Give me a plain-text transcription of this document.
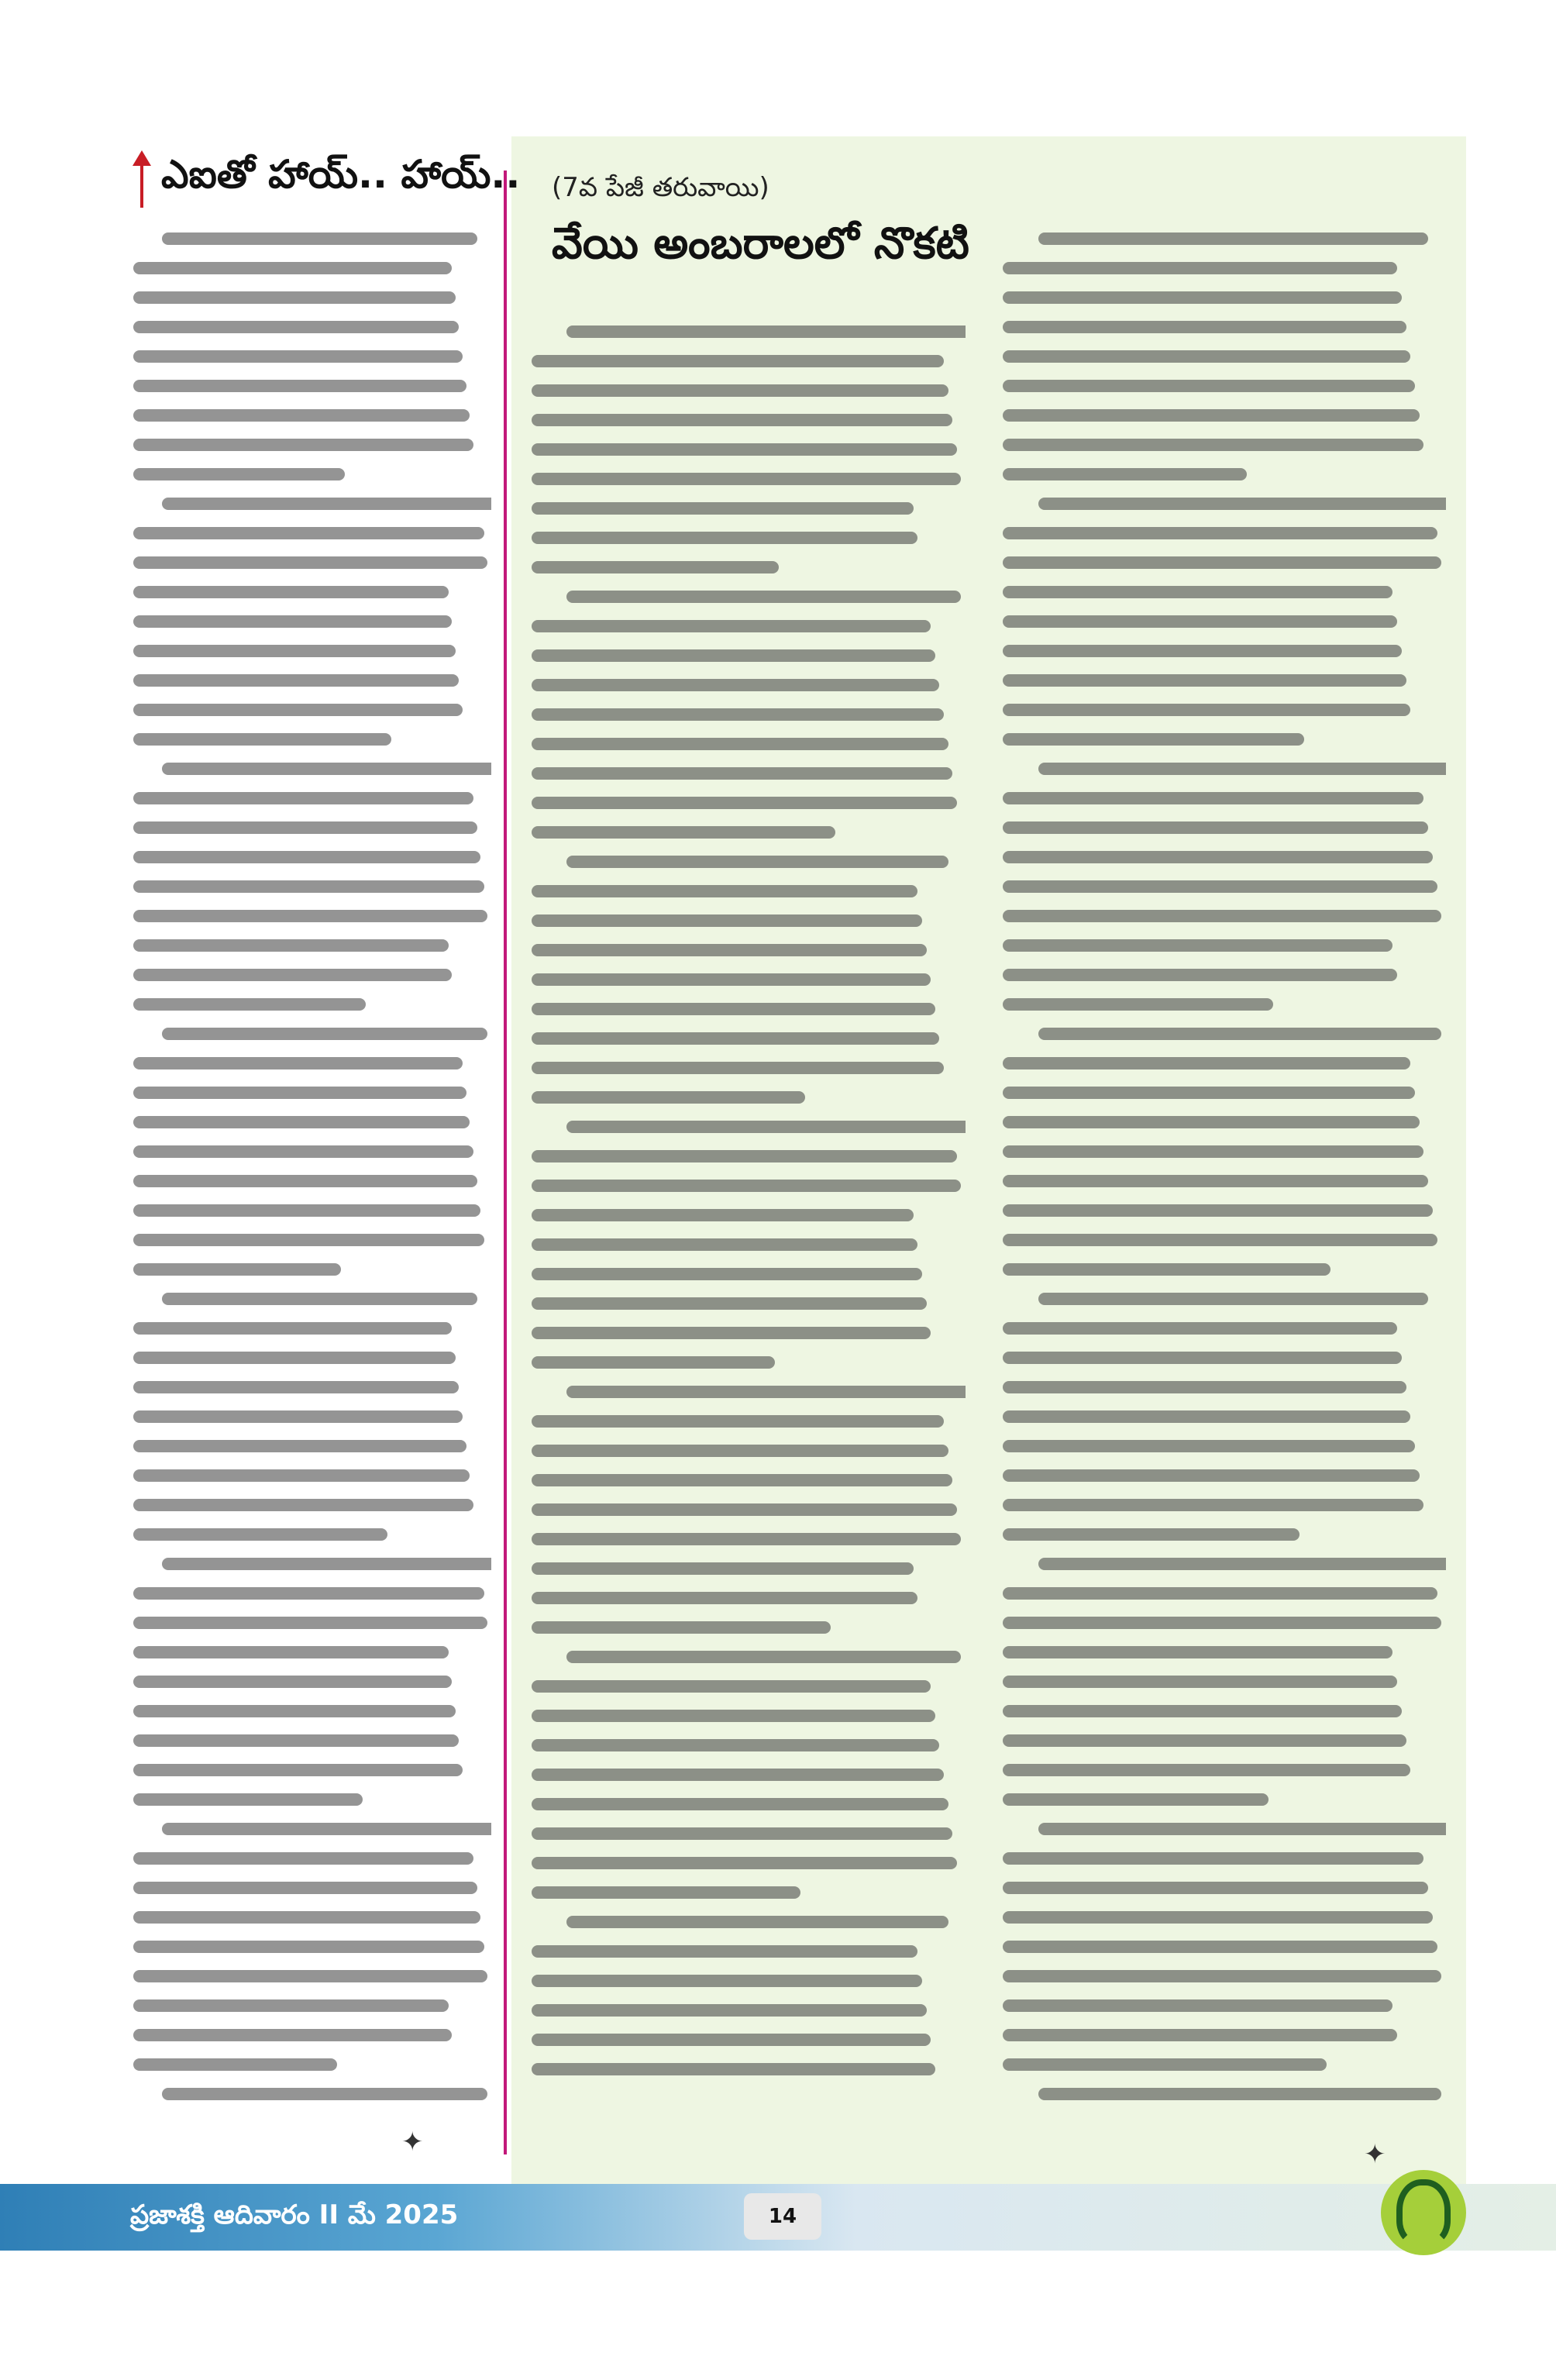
ఎఐతో హాయ్.. హాయ్.. (7వ పేజీ తరువాయి)
వేయి అంబరాలలో నొకటి
✦	✦
ప్రజాశక్తి ఆదివారం II మే 2025	14
